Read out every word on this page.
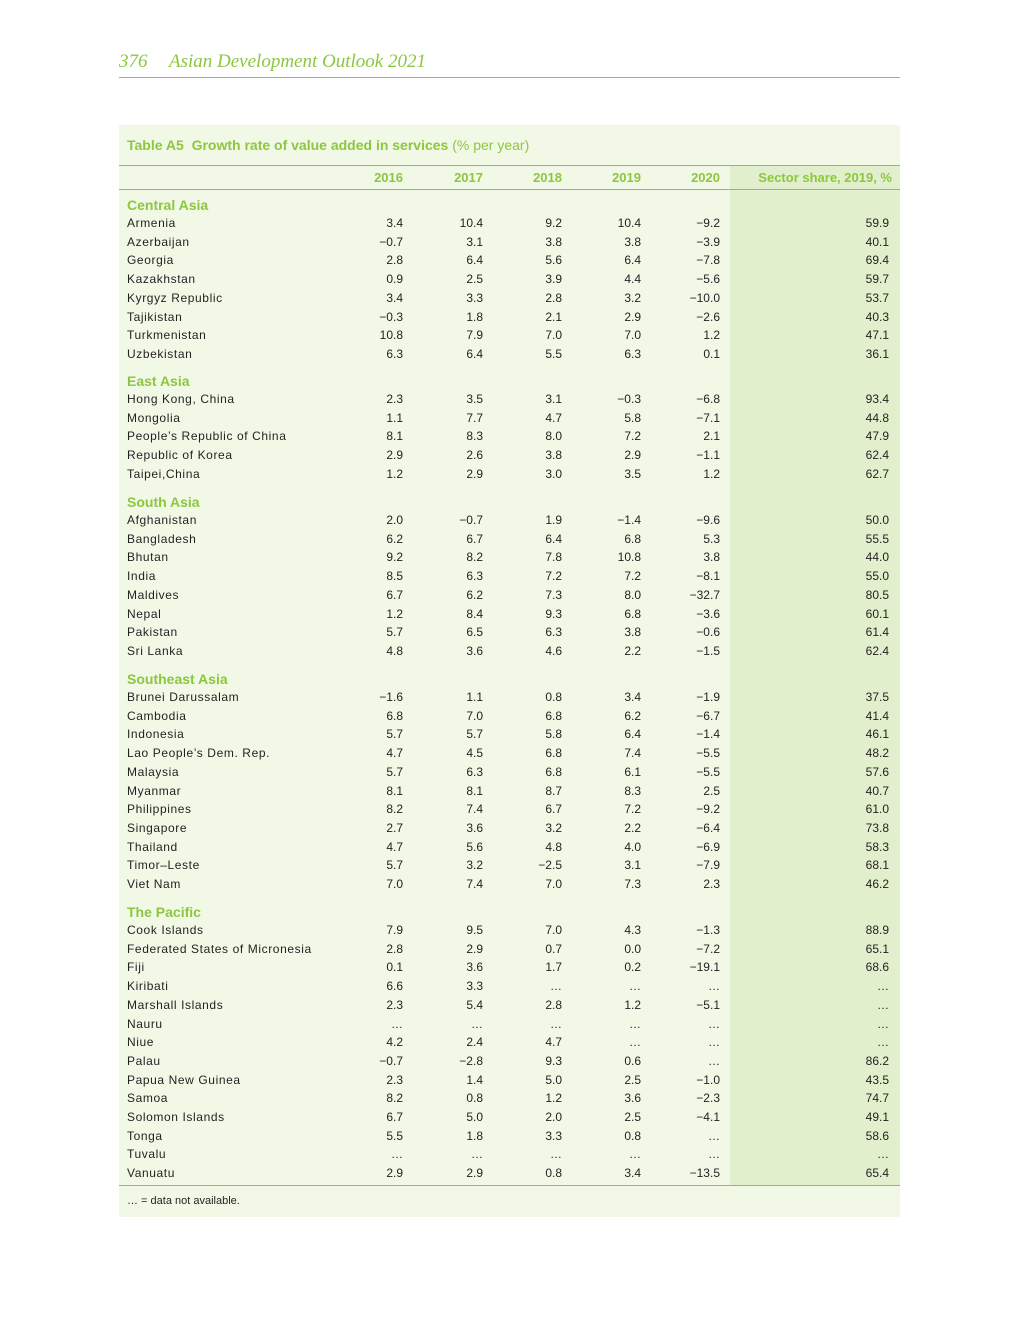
376 Asian Development Outlook 2021
Table A5 Growth rate of value added in services (% per year)
2016	2017	2018	2019	2020	Sector share, 2019, %
… = data not available.
Central Asia
Armenia	3.4	10.4	9.2	10.4	−9.2	59.9
Azerbaijan	−0.7	3.1	3.8	3.8	−3.9	40.1
Georgia	2.8	6.4	5.6	6.4	−7.8	69.4
Kazakhstan	0.9	2.5	3.9	4.4	−5.6	59.7
Kyrgyz Republic	3.4	3.3	2.8	3.2	−10.0	53.7
Tajikistan	−0.3	1.8	2.1	2.9	−2.6	40.3
Turkmenistan	10.8	7.9	7.0	7.0	1.2	47.1
Uzbekistan	6.3	6.4	5.5	6.3	0.1	36.1
East Asia
Hong Kong, China	2.3	3.5	3.1	−0.3	−6.8	93.4
Mongolia	1.1	7.7	4.7	5.8	−7.1	44.8
People’s Republic of China	8.1	8.3	8.0	7.2	2.1	47.9
Republic of Korea	2.9	2.6	3.8	2.9	−1.1	62.4
Taipei,China	1.2	2.9	3.0	3.5	1.2	62.7
South Asia
Afghanistan	2.0	−0.7	1.9	−1.4	−9.6	50.0
Bangladesh	6.2	6.7	6.4	6.8	5.3	55.5
Bhutan	9.2	8.2	7.8	10.8	3.8	44.0
India	8.5	6.3	7.2	7.2	−8.1	55.0
Maldives	6.7	6.2	7.3	8.0	−32.7	80.5
Nepal	1.2	8.4	9.3	6.8	−3.6	60.1
Pakistan	5.7	6.5	6.3	3.8	−0.6	61.4
Sri Lanka	4.8	3.6	4.6	2.2	−1.5	62.4
Southeast Asia
Brunei Darussalam	−1.6	1.1	0.8	3.4	−1.9	37.5
Cambodia	6.8	7.0	6.8	6.2	−6.7	41.4
Indonesia	5.7	5.7	5.8	6.4	−1.4	46.1
Lao People’s Dem. Rep.	4.7	4.5	6.8	7.4	−5.5	48.2
Malaysia	5.7	6.3	6.8	6.1	−5.5	57.6
Myanmar	8.1	8.1	8.7	8.3	2.5	40.7
Philippines	8.2	7.4	6.7	7.2	−9.2	61.0
Singapore	2.7	3.6	3.2	2.2	−6.4	73.8
Thailand	4.7	5.6	4.8	4.0	−6.9	58.3
Timor–Leste	5.7	3.2	−2.5	3.1	−7.9	68.1
Viet Nam	7.0	7.4	7.0	7.3	2.3	46.2
The Pacific
Cook Islands	7.9	9.5	7.0	4.3	−1.3	88.9
Federated States of Micronesia	2.8	2.9	0.7	0.0	−7.2	65.1
Fiji	0.1	3.6	1.7	0.2	−19.1	68.6
Kiribati	6.6	3.3	…	…	…	…
Marshall Islands	2.3	5.4	2.8	1.2	−5.1	…
Nauru	…	…	…	…	…	…
Niue	4.2	2.4	4.7	…	…	…
Palau	−0.7	−2.8	9.3	0.6	…	86.2
Papua New Guinea	2.3	1.4	5.0	2.5	−1.0	43.5
Samoa	8.2	0.8	1.2	3.6	−2.3	74.7
Solomon Islands	6.7	5.0	2.0	2.5	−4.1	49.1
Tonga	5.5	1.8	3.3	0.8	…	58.6
Tuvalu	…	…	…	…	…	…
Vanuatu	2.9	2.9	0.8	3.4	−13.5	65.4
